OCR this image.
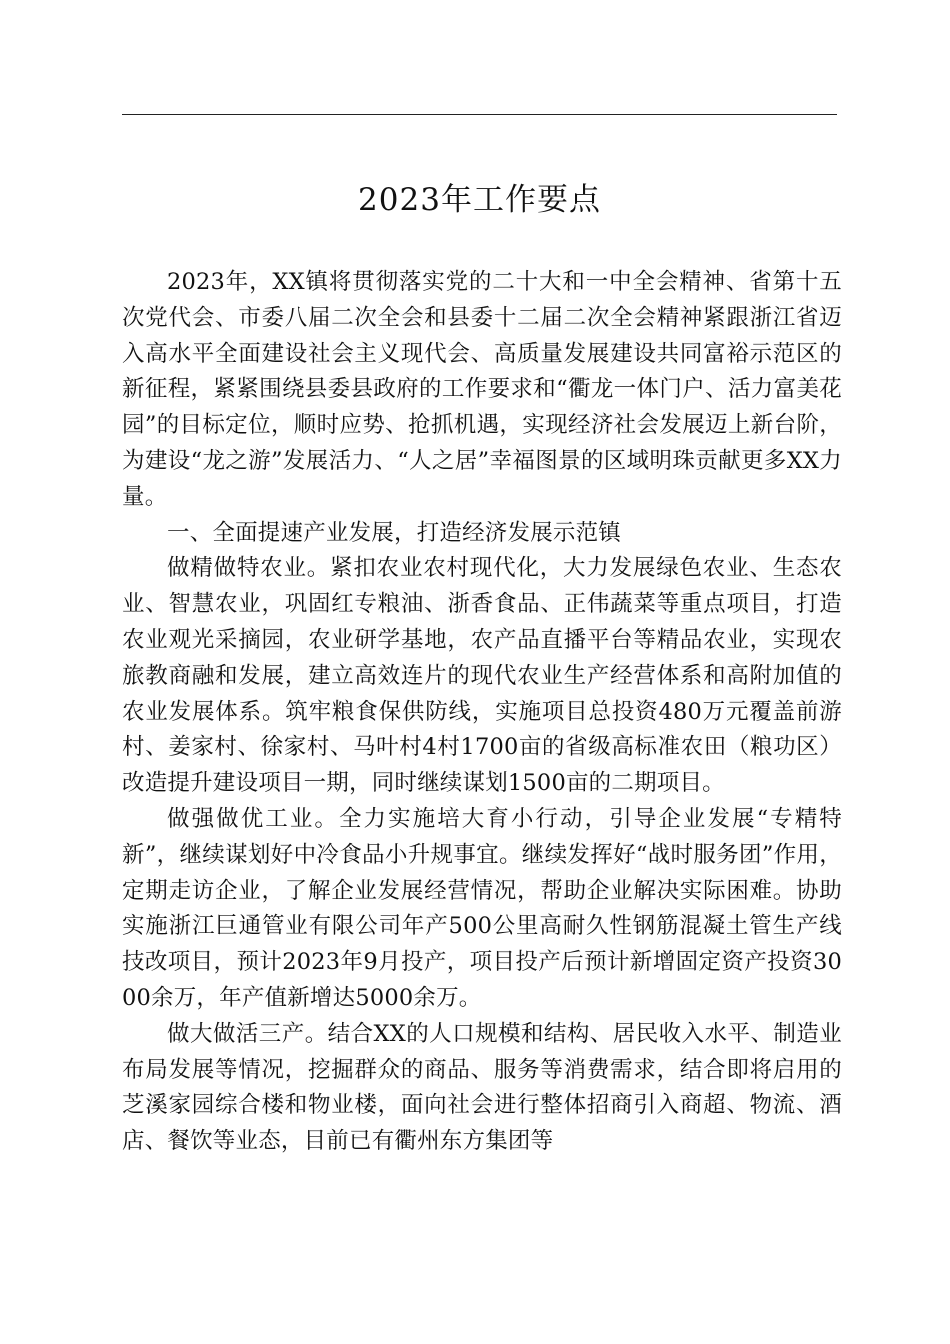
2023年工作要点

2023年，XX镇将贯彻落实党的二十大和一中全会精神、省第十五次党代会、市委八届二次全会和县委十二届二次全会精神紧跟浙江省迈入高水平全面建设社会主义现代会、高质量发展建设共同富裕示范区的新征程，紧紧围绕县委县政府的工作要求和“衢龙一体门户、活力富美花园”的目标定位，顺时应势、抢抓机遇，实现经济社会发展迈上新台阶，为建设“龙之游”发展活力、“人之居”幸福图景的区域明珠贡献更多XX力量。

一、全面提速产业发展，打造经济发展示范镇

做精做特农业。紧扣农业农村现代化，大力发展绿色农业、生态农业、智慧农业，巩固红专粮油、浙香食品、正伟蔬菜等重点项目，打造农业观光采摘园，农业研学基地，农产品直播平台等精品农业，实现农旅教商融和发展，建立高效连片的现代农业生产经营体系和高附加值的农业发展体系。筑牢粮食保供防线，实施项目总投资480万元覆盖前游村、姜家村、徐家村、马叶村4村1700亩的省级高标准农田（粮功区）改造提升建设项目一期，同时继续谋划1500亩的二期项目。

做强做优工业。全力实施培大育小行动，引导企业发展“专精特新”，继续谋划好中冷食品小升规事宜。继续发挥好“战时服务团”作用，定期走访企业，了解企业发展经营情况，帮助企业解决实际困难。协助实施浙江巨通管业有限公司年产500公里高耐久性钢筋混凝土管生产线技改项目，预计2023年9月投产，项目投产后预计新增固定资产投资3000余万，年产值新增达5000余万。

做大做活三产。结合XX的人口规模和结构、居民收入水平、制造业布局发展等情况，挖掘群众的商品、服务等消费需求，结合即将启用的芝溪家园综合楼和物业楼，面向社会进行整体招商引入商超、物流、酒店、餐饮等业态，目前已有衢州东方集团等
